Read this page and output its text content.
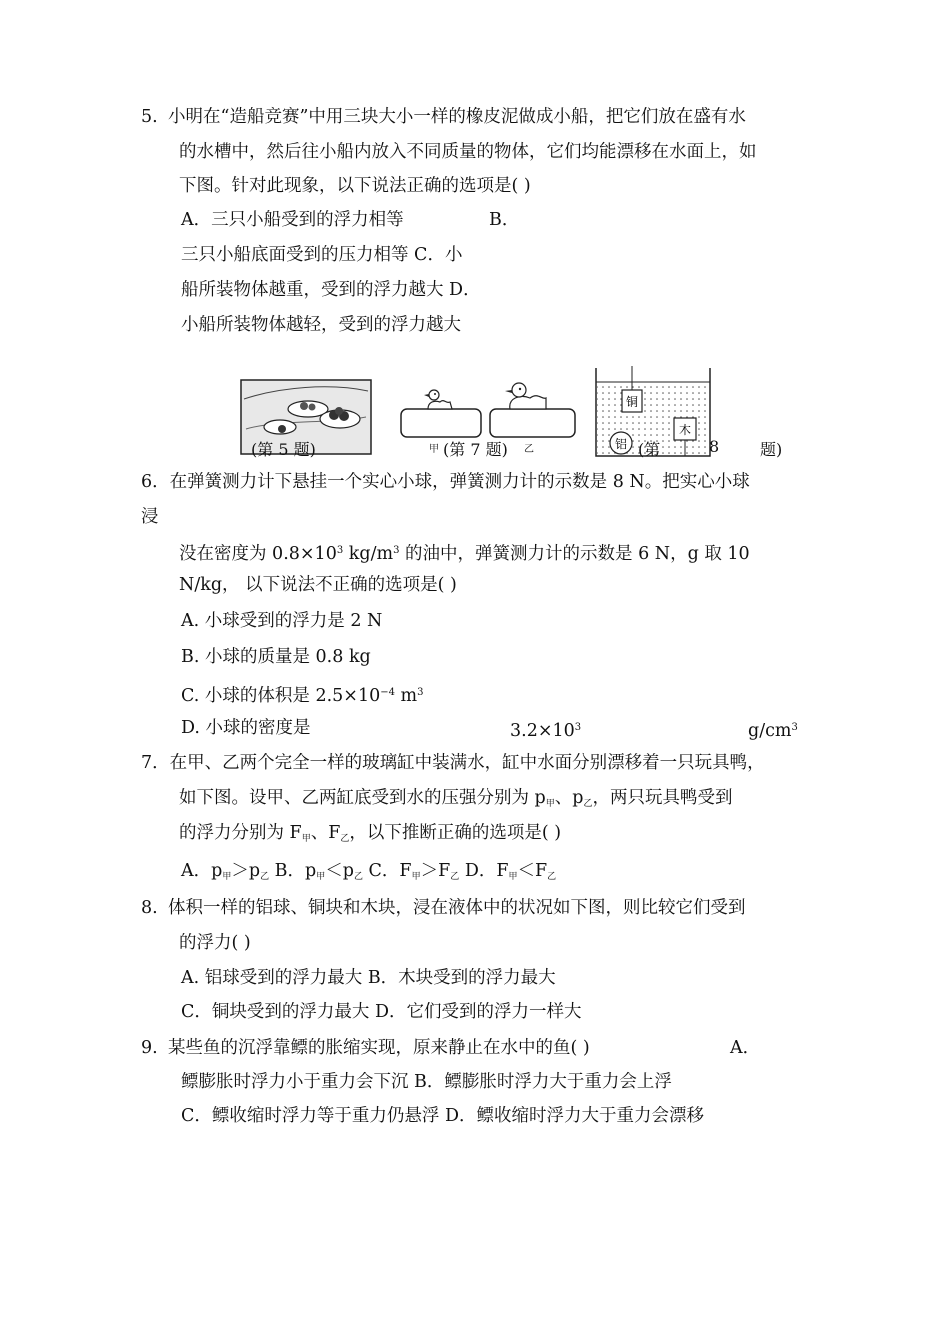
5. 小明在“造船竞赛”中用三块大小一样的橡皮泥做成小船，把它们放在盛有水
的水槽中，然后往小船内放入不同质量的物体，它们均能漂移在水面上，如
下图。针对此现象，以下说法正确的选项是( )
A．三只小船受到的浮力相等	B．
三只小船底面受到的压力相等 C．小
船所装物体越重，受到的浮力越大 D．
小船所装物体越轻，受到的浮力越大
(第 5 题)	甲 (第 7 题) 乙
铜
木
铝 (第	8	题)
6．在弹簧测力计下悬挂一个实心小球，弹簧测力计的示数是 8 N。把实心小球
浸
没在密度为 $0.8\times 10^3$ $kg/m^3$ 的油中，弹簧测力计的示数是 6 N，g 取 10
N/kg， 以下说法不正确的选项是( )
A. 小球受到的浮力是 2 N
B. 小球的质量是 0.8 kg
C. 小球的体积是 $2.5\times 10^{-4}$ $m^3$
D. 小球的密度是	$3.2\times 10^3$	$g/cm^3$
7．在甲、乙两个完全一样的玻璃缸中装满水，缸中水面分别漂移着一只玩具鸭，
如下图。设甲、乙两缸底受到水的压强分别为 p甲、p乙，两只玩具鸭受到
的浮力分别为 F甲、F乙，以下推断正确的选项是( )
A．p甲＞p乙 B．p甲＜p乙 C．F甲＞F乙 D．F甲＜F乙
8. 体积一样的铝球、铜块和木块，浸在液体中的状况如下图，则比较它们受到
的浮力( )
A. 铝球受到的浮力最大 B．木块受到的浮力最大
C．铜块受到的浮力最大 D．它们受到的浮力一样大
9. 某些鱼的沉浮靠鳔的胀缩实现，原来静止在水中的鱼( )	A．
鳔膨胀时浮力小于重力会下沉 B．鳔膨胀时浮力大于重力会上浮
C．鳔收缩时浮力等于重力仍悬浮 D．鳔收缩时浮力大于重力会漂移
